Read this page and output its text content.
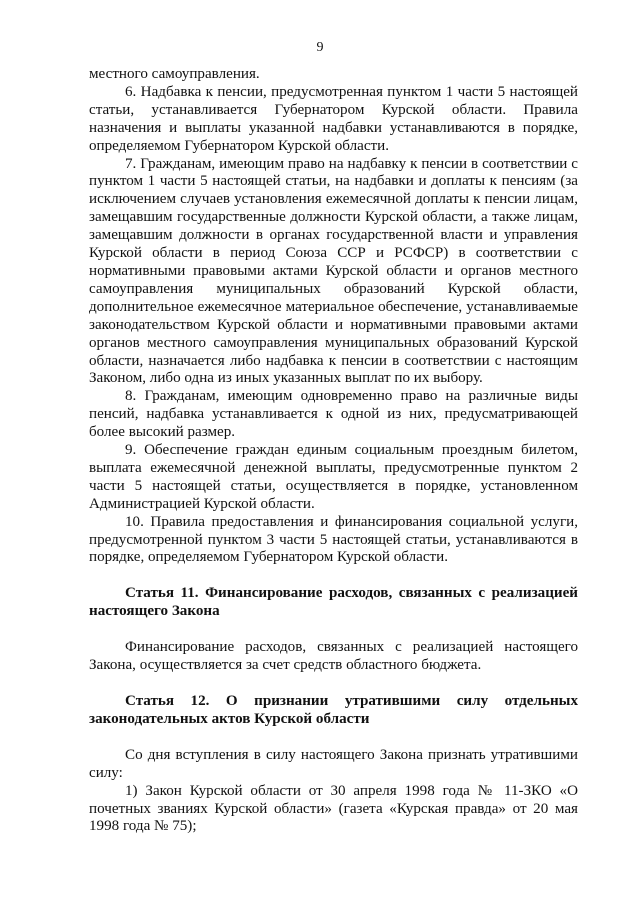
9

местного самоуправления.

6. Надбавка к пенсии, предусмотренная пунктом 1 части 5 настоящей статьи, устанавливается Губернатором Курской области. Правила назначения и выплаты указанной надбавки устанавливаются в порядке, определяемом Губернатором Курской области.

7. Гражданам, имеющим право на надбавку к пенсии в соответствии с пунктом 1 части 5 настоящей статьи, на надбавки и доплаты к пенсиям (за исключением случаев установления ежемесячной доплаты к пенсии лицам, замещавшим государственные должности Курской области, а также лицам, замещавшим должности в органах государственной власти и управления Курской области в период Союза ССР и РСФСР) в соответствии с нормативными правовыми актами Курской области и органов местного самоуправления муниципальных образований Курской области, дополнительное ежемесячное материальное обеспечение, устанавливаемые законодательством Курской области и нормативными правовыми актами органов местного самоуправления муниципальных образований Курской области, назначается либо надбавка к пенсии в соответствии с настоящим Законом, либо одна из иных указанных выплат по их выбору.

8. Гражданам, имеющим одновременно право на различные виды пенсий, надбавка устанавливается к одной из них, предусматривающей более высокий размер.

9. Обеспечение граждан единым социальным проездным билетом, выплата ежемесячной денежной выплаты, предусмотренные пунктом 2 части 5 настоящей статьи, осуществляется в порядке, установленном Администрацией Курской области.

10. Правила предоставления и финансирования социальной услуги, предусмотренной пунктом 3 части 5 настоящей статьи, устанавливаются в порядке, определяемом Губернатором Курской области.

Статья 11. Финансирование расходов, связанных с реализацией настоящего Закона

Финансирование расходов, связанных с реализацией настоящего Закона, осуществляется за счет средств областного бюджета.

Статья 12. О признании утратившими силу отдельных законодательных актов Курской области

Со дня вступления в силу настоящего Закона признать утратившими силу:

1) Закон Курской области от 30 апреля 1998 года № 11-ЗКО «О почетных званиях Курской области» (газета «Курская правда» от 20 мая 1998 года № 75);
